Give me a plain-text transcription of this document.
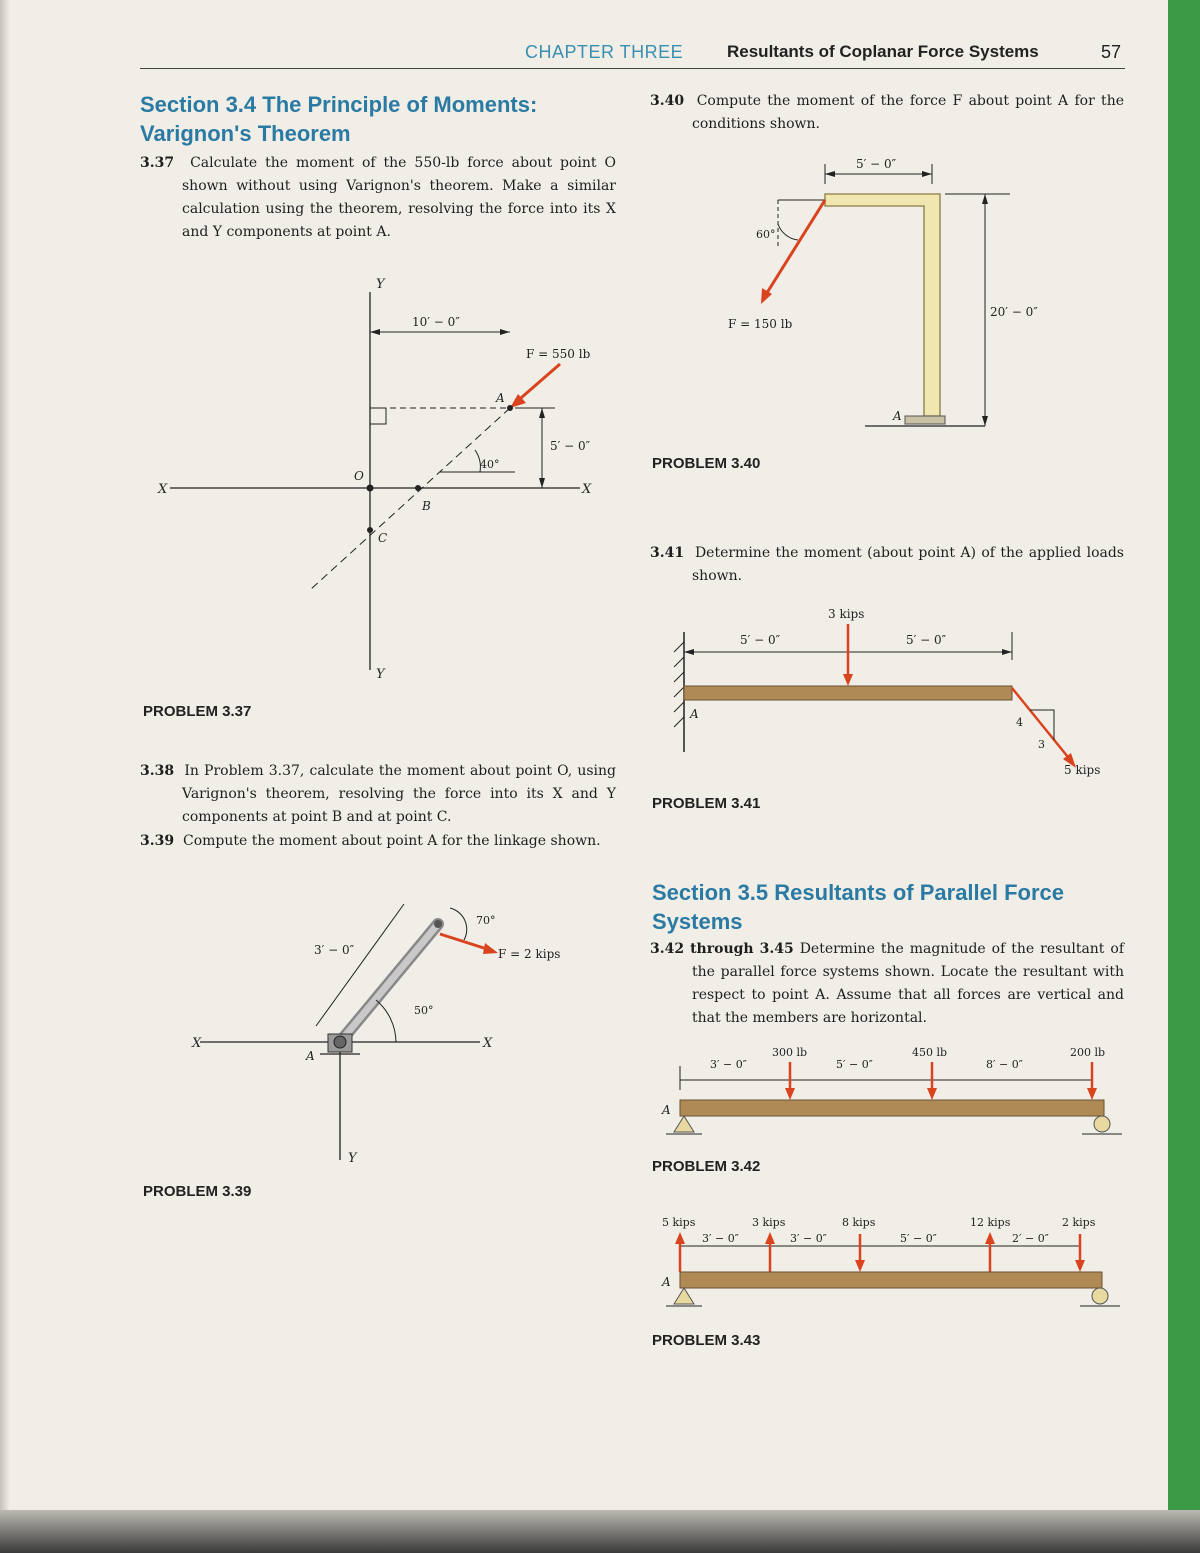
CHAPTER THREE	Resultants of Coplanar Force Systems	57
Section 3.4 The Principle of Moments:
Varignon's Theorem
3.37 Calculate the moment of the 550-lb force about point O shown without using Varignon's theorem. Make a similar calculation using the theorem, resolving the force into its X and Y components at point A.
Y
Y
X	X
10′ − 0″
F = 550 lb
5′ − 0″
40°
A
O
B
C
PROBLEM 3.37
3.38 In Problem 3.37, calculate the moment about point O, using Varignon's theorem, resolving the force into its X and Y components at point B and at point C.
3.39 Compute the moment about point A for the linkage shown.
X	X
Y
A
3′ − 0″	F = 2 kips
70°
50°
PROBLEM 3.39
3.40 Compute the moment of the force F about point A for the conditions shown.
5′ − 0″
A
F = 150 lb
60°
20′ − 0″
PROBLEM 3.40
3.41 Determine the moment (about point A) of the applied loads shown.
A
5′ − 0″	5′ − 0″
3 kips
5 kips
4
3
PROBLEM 3.41
Section 3.5 Resultants of Parallel Force
Systems
3.42 through 3.45 Determine the magnitude of the resultant of the parallel force systems shown. Locate the resultant with respect to point A. Assume that all forces are vertical and that the members are horizontal.
3′ − 0″	5′ − 0″	8′ − 0″
300 lb	450 lb	200 lb
A
PROBLEM 3.42
5 kips	3 kips	8 kips	12 kips	2 kips
3′ − 0″	3′ − 0″	5′ − 0″	2′ − 0″
A
PROBLEM 3.43
